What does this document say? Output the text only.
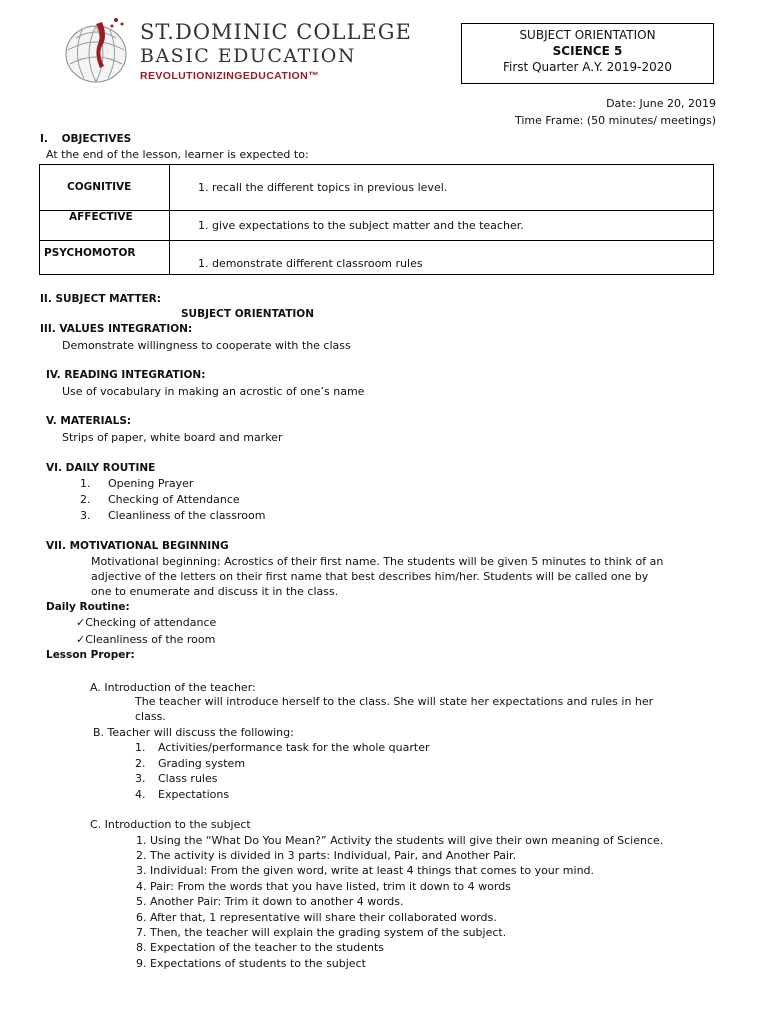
ST.DOMINIC COLLEGE
BASIC EDUCATION
REVOLUTIONIZINGEDUCATION™
SUBJECT ORIENTATION
SCIENCE 5
First Quarter A.Y. 2019-2020
Date: June 20, 2019
Time Frame: (50 minutes/ meetings)
I. OBJECTIVES
At the end of the lesson, learner is expected to:
COGNITIVE	1. recall the different topics in previous level.
AFFECTIVE	1. give expectations to the subject matter and the teacher.
PSYCHOMOTOR	1. demonstrate different classroom rules
II. SUBJECT MATTER:
SUBJECT ORIENTATION
III. VALUES INTEGRATION:
Demonstrate willingness to cooperate with the class
IV. READING INTEGRATION:
Use of vocabulary in making an acrostic of one’s name
V. MATERIALS:
Strips of paper, white board and marker
VI. DAILY ROUTINE
1. Opening Prayer
2. Checking of Attendance
3. Cleanliness of the classroom
VII. MOTIVATIONAL BEGINNING
Motivational beginning: Acrostics of their first name. The students will be given 5 minutes to think of an
adjective of the letters on their first name that best describes him/her. Students will be called one by
one to enumerate and discuss it in the class.
Daily Routine:
✓Checking of attendance
✓Cleanliness of the room
Lesson Proper:
A. Introduction of the teacher:
The teacher will introduce herself to the class. She will state her expectations and rules in her
class.
B. Teacher will discuss the following:
1. Activities/performance task for the whole quarter
2. Grading system
3. Class rules
4. Expectations
C. Introduction to the subject
1. Using the “What Do You Mean?” Activity the students will give their own meaning of Science.
2. The activity is divided in 3 parts: Individual, Pair, and Another Pair.
3. Individual: From the given word, write at least 4 things that comes to your mind.
4. Pair: From the words that you have listed, trim it down to 4 words
5. Another Pair: Trim it down to another 4 words.
6. After that, 1 representative will share their collaborated words.
7. Then, the teacher will explain the grading system of the subject.
8. Expectation of the teacher to the students
9. Expectations of students to the subject
